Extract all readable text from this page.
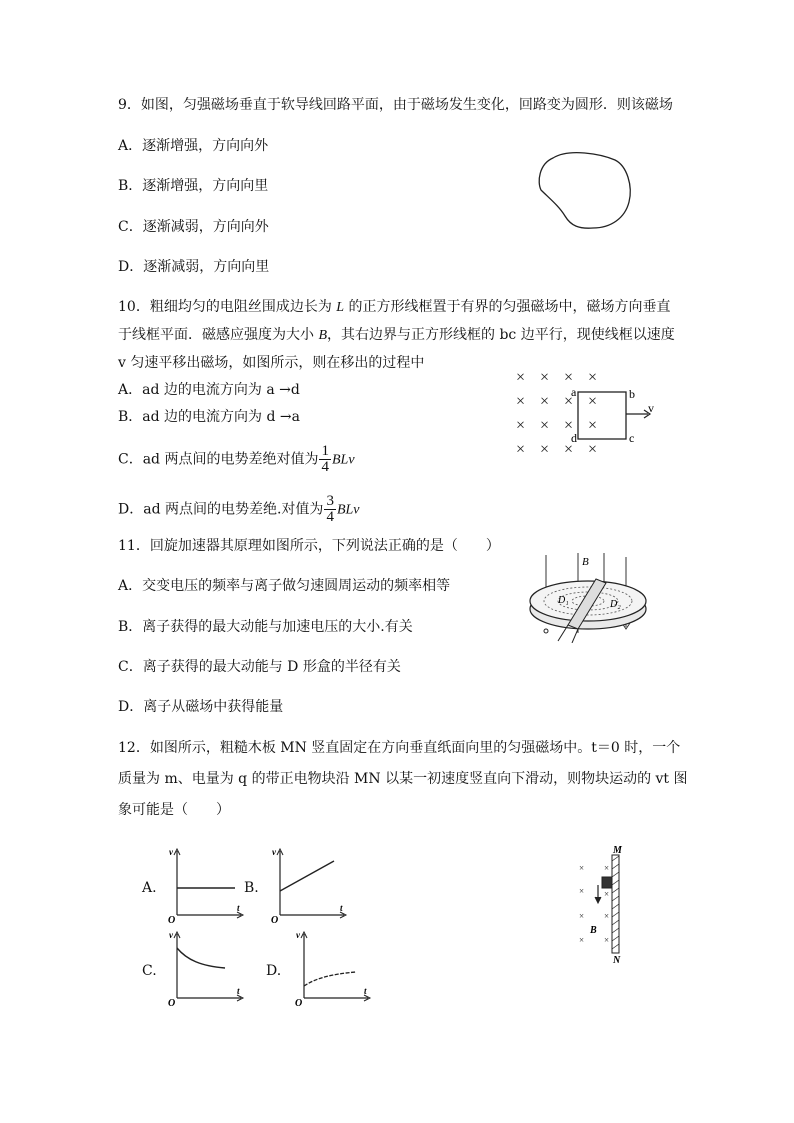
9．如图，匀强磁场垂直于软导线回路平面，由于磁场发生变化，回路变为圆形．则该磁场
A．逐渐增强，方向向外
B．逐渐增强，方向向里
C．逐渐减弱，方向向外
D．逐渐减弱，方向向里
10．粗细均匀的电阻丝围成边长为 L 的正方形线框置于有界的匀强磁场中，磁场方向垂直
于线框平面．磁感应强度为大小 B，其右边界与正方形线框的 bc 边平行，现使线框以速度
v 匀速平移出磁场，如图所示，则在移出的过程中
A．ad 边的电流方向为 a →d
B．ad 边的电流方向为 d →a
C．ad 两点间的电势差绝对值为 $\frac{1}{4}$ BLv
D．ad 两点间的电势差绝.对值为 $\frac{3}{4}$ BLv
× × × ×
× × × ×
× × × ×
× × × ×
a	b
c
d
v
11．回旋加速器其原理如图所示，下列说法正确的是（　　）
A．交变电压的频率与离子做匀速圆周运动的频率相等
B．离子获得的最大动能与加速电压的大小.有关
C．离子获得的最大动能与 D 形盒的半径有关
D．离子从磁场中获得能量
B
D₁	D₂
12．如图所示，粗糙木板 MN 竖直固定在方向垂直纸面向里的匀强磁场中。t＝0 时，一个
质量为 m、电量为 q 的带正电物块沿 MN 以某一初速度竖直向下滑动，则物块运动的 vt 图
象可能是（　　）
A.
v
t
O
B.
v
t
O
C.
v
t
O
D.
v
t
O
× ×
×
× ×
× ×
×
M
N
B
